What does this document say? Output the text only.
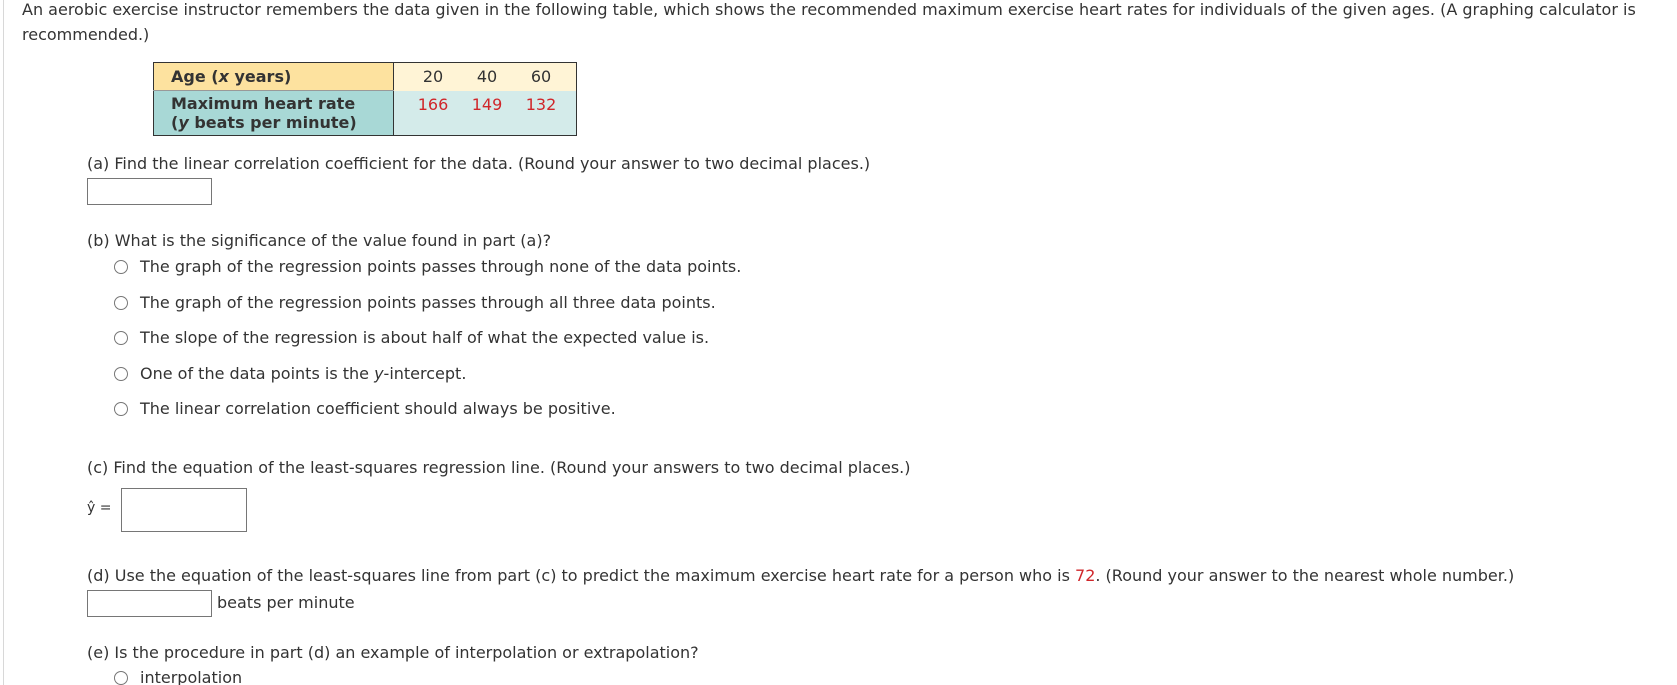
An aerobic exercise instructor remembers the data given in the following table, which shows the recommended maximum exercise heart rates for individuals of the given ages. (A graphing calculator is
recommended.)
Age (x years)	20	40	60
Maximum heart rate
(y beats per minute)	166	149	132
(a) Find the linear correlation coefficient for the data. (Round your answer to two decimal places.)
(b) What is the significance of the value found in part (a)?
The graph of the regression points passes through none of the data points.
The graph of the regression points passes through all three data points.
The slope of the regression is about half of what the expected value is.
One of the data points is the y-intercept.
The linear correlation coefficient should always be positive.
(c) Find the equation of the least-squares regression line. (Round your answers to two decimal places.)
ŷ =
(d) Use the equation of the least-squares line from part (c) to predict the maximum exercise heart rate for a person who is 72. (Round your answer to the nearest whole number.)
beats per minute
(e) Is the procedure in part (d) an example of interpolation or extrapolation?
interpolation
